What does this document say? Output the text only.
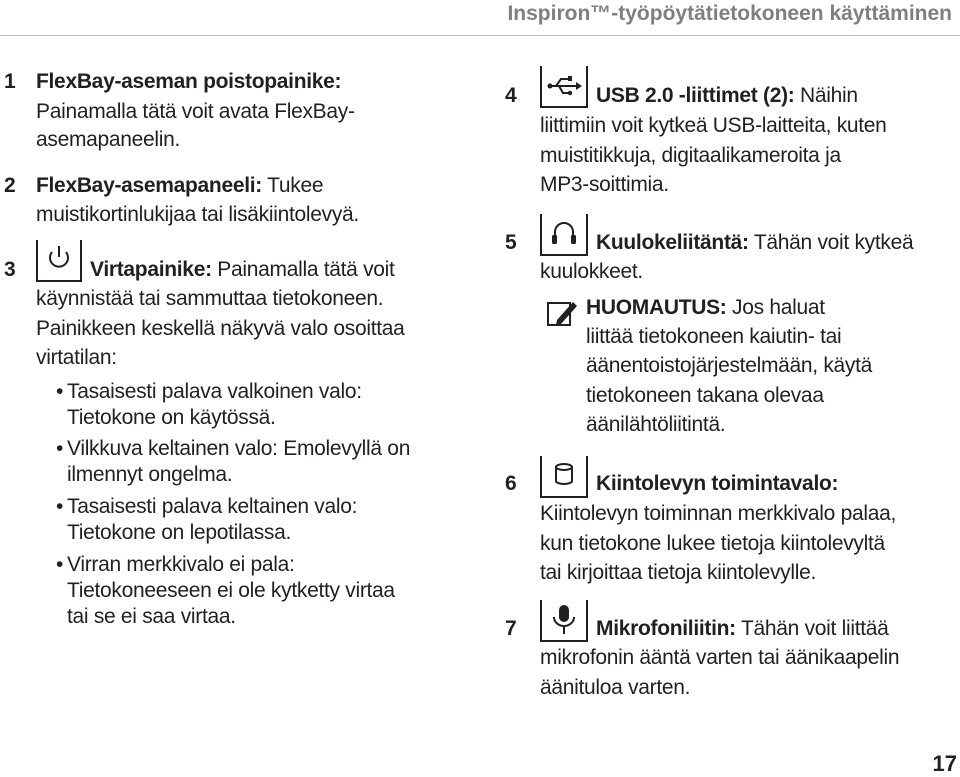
Inspiron™-työpöytätietokoneen käyttäminen
1 FlexBay-aseman poistopainike:
Painamalla tätä voit avata FlexBay-
asemapaneelin.
2 FlexBay-asemapaneeli: Tukee
muistikortinlukijaa tai lisäkiintolevyä.
3	Virtapainike: Painamalla tätä voit
käynnistää tai sammuttaa tietokoneen.
Painikkeen keskellä näkyvä valo osoittaa
virtatilan:
• Tasaisesti palava valkoinen valo:
Tietokone on käytössä.
• Vilkkuva keltainen valo: Emolevyllä on
ilmennyt ongelma.
• Tasaisesti palava keltainen valo:
Tietokone on lepotilassa.
• Virran merkkivalo ei pala:
Tietokoneeseen ei ole kytketty virtaa
tai se ei saa virtaa.
4	USB 2.0 -liittimet (2): Näihin
liittimiin voit kytkeä USB-laitteita, kuten
muistitikkuja, digitaalikameroita ja
MP3-soittimia.
5	Kuulokeliitäntä: Tähän voit kytkeä
kuulokkeet.
HUOMAUTUS: Jos haluat
liittää tietokoneen kaiutin- tai
äänentoistojärjestelmään, käytä
tietokoneen takana olevaa
äänilähtöliitintä.
6	Kiintolevyn toimintavalo:
Kiintolevyn toiminnan merkkivalo palaa,
kun tietokone lukee tietoja kiintolevyltä
tai kirjoittaa tietoja kiintolevylle.
7	Mikrofoniliitin: Tähän voit liittää
mikrofonin ääntä varten tai äänikaapelin
äänituloa varten.
17
